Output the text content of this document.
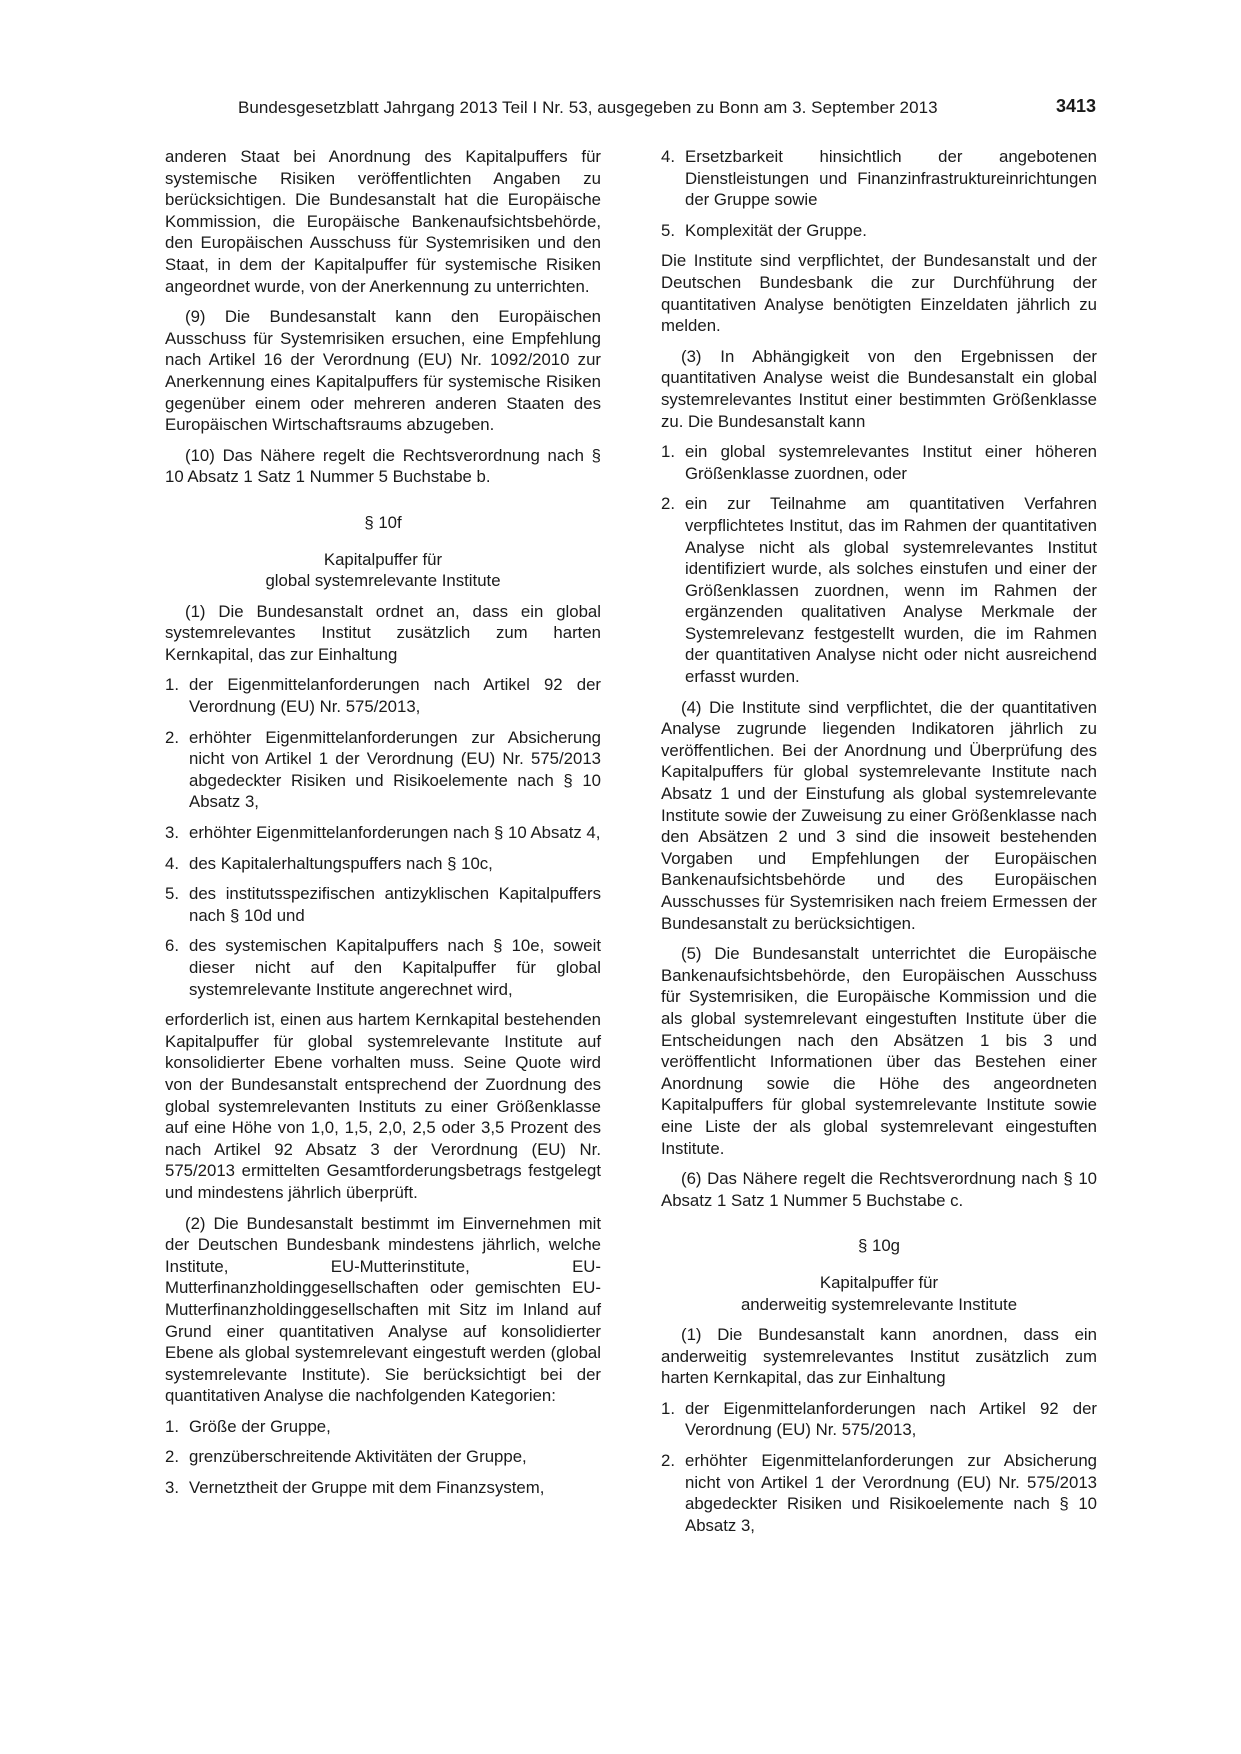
Bundesgesetzblatt Jahrgang 2013 Teil I Nr. 53, ausgegeben zu Bonn am 3. September 2013	3413

anderen Staat bei Anordnung des Kapitalpuffers für systemische Risiken veröffentlichten Angaben zu berücksichtigen. Die Bundesanstalt hat die Europäische Kommission, die Europäische Bankenaufsichtsbehörde, den Europäischen Ausschuss für Systemrisiken und den Staat, in dem der Kapitalpuffer für systemische Risiken angeordnet wurde, von der Anerkennung zu unterrichten.

(9) Die Bundesanstalt kann den Europäischen Ausschuss für Systemrisiken ersuchen, eine Empfehlung nach Artikel 16 der Verordnung (EU) Nr. 1092/2010 zur Anerkennung eines Kapitalpuffers für systemische Risiken gegenüber einem oder mehreren anderen Staaten des Europäischen Wirtschaftsraums abzugeben.

(10) Das Nähere regelt die Rechtsverordnung nach § 10 Absatz 1 Satz 1 Nummer 5 Buchstabe b.

§ 10f
Kapitalpuffer für
global systemrelevante Institute

(1) Die Bundesanstalt ordnet an, dass ein global systemrelevantes Institut zusätzlich zum harten Kernkapital, das zur Einhaltung

1. der Eigenmittelanforderungen nach Artikel 92 der Verordnung (EU) Nr. 575/2013,
2. erhöhter Eigenmittelanforderungen zur Absicherung nicht von Artikel 1 der Verordnung (EU) Nr. 575/2013 abgedeckter Risiken und Risikoelemente nach § 10 Absatz 3,
3. erhöhter Eigenmittelanforderungen nach § 10 Absatz 4,
4. des Kapitalerhaltungspuffers nach § 10c,
5. des institutsspezifischen antizyklischen Kapitalpuffers nach § 10d und
6. des systemischen Kapitalpuffers nach § 10e, soweit dieser nicht auf den Kapitalpuffer für global systemrelevante Institute angerechnet wird,

erforderlich ist, einen aus hartem Kernkapital bestehenden Kapitalpuffer für global systemrelevante Institute auf konsolidierter Ebene vorhalten muss. Seine Quote wird von der Bundesanstalt entsprechend der Zuordnung des global systemrelevanten Instituts zu einer Größenklasse auf eine Höhe von 1,0, 1,5, 2,0, 2,5 oder 3,5 Prozent des nach Artikel 92 Absatz 3 der Verordnung (EU) Nr. 575/2013 ermittelten Gesamtforderungsbetrags festgelegt und mindestens jährlich überprüft.

(2) Die Bundesanstalt bestimmt im Einvernehmen mit der Deutschen Bundesbank mindestens jährlich, welche Institute, EU-Mutterinstitute, EU-Mutterfinanzholdinggesellschaften oder gemischten EU-Mutterfinanzholdinggesellschaften mit Sitz im Inland auf Grund einer quantitativen Analyse auf konsolidierter Ebene als global systemrelevant eingestuft werden (global systemrelevante Institute). Sie berücksichtigt bei der quantitativen Analyse die nachfolgenden Kategorien:

1. Größe der Gruppe,
2. grenzüberschreitende Aktivitäten der Gruppe,
3. Vernetztheit der Gruppe mit dem Finanzsystem,
4. Ersetzbarkeit hinsichtlich der angebotenen Dienstleistungen und Finanzinfrastruktureinrichtungen der Gruppe sowie
5. Komplexität der Gruppe.

Die Institute sind verpflichtet, der Bundesanstalt und der Deutschen Bundesbank die zur Durchführung der quantitativen Analyse benötigten Einzeldaten jährlich zu melden.

(3) In Abhängigkeit von den Ergebnissen der quantitativen Analyse weist die Bundesanstalt ein global systemrelevantes Institut einer bestimmten Größenklasse zu. Die Bundesanstalt kann

1. ein global systemrelevantes Institut einer höheren Größenklasse zuordnen, oder
2. ein zur Teilnahme am quantitativen Verfahren verpflichtetes Institut, das im Rahmen der quantitativen Analyse nicht als global systemrelevantes Institut identifiziert wurde, als solches einstufen und einer der Größenklassen zuordnen, wenn im Rahmen der ergänzenden qualitativen Analyse Merkmale der Systemrelevanz festgestellt wurden, die im Rahmen der quantitativen Analyse nicht oder nicht ausreichend erfasst wurden.

(4) Die Institute sind verpflichtet, die der quantitativen Analyse zugrunde liegenden Indikatoren jährlich zu veröffentlichen. Bei der Anordnung und Überprüfung des Kapitalpuffers für global systemrelevante Institute nach Absatz 1 und der Einstufung als global systemrelevante Institute sowie der Zuweisung zu einer Größenklasse nach den Absätzen 2 und 3 sind die insoweit bestehenden Vorgaben und Empfehlungen der Europäischen Bankenaufsichtsbehörde und des Europäischen Ausschusses für Systemrisiken nach freiem Ermessen der Bundesanstalt zu berücksichtigen.

(5) Die Bundesanstalt unterrichtet die Europäische Bankenaufsichtsbehörde, den Europäischen Ausschuss für Systemrisiken, die Europäische Kommission und die als global systemrelevant eingestuften Institute über die Entscheidungen nach den Absätzen 1 bis 3 und veröffentlicht Informationen über das Bestehen einer Anordnung sowie die Höhe des angeordneten Kapitalpuffers für global systemrelevante Institute sowie eine Liste der als global systemrelevant eingestuften Institute.

(6) Das Nähere regelt die Rechtsverordnung nach § 10 Absatz 1 Satz 1 Nummer 5 Buchstabe c.

§ 10g
Kapitalpuffer für
anderweitig systemrelevante Institute

(1) Die Bundesanstalt kann anordnen, dass ein anderweitig systemrelevantes Institut zusätzlich zum harten Kernkapital, das zur Einhaltung

1. der Eigenmittelanforderungen nach Artikel 92 der Verordnung (EU) Nr. 575/2013,
2. erhöhter Eigenmittelanforderungen zur Absicherung nicht von Artikel 1 der Verordnung (EU) Nr. 575/2013 abgedeckter Risiken und Risikoelemente nach § 10 Absatz 3,
